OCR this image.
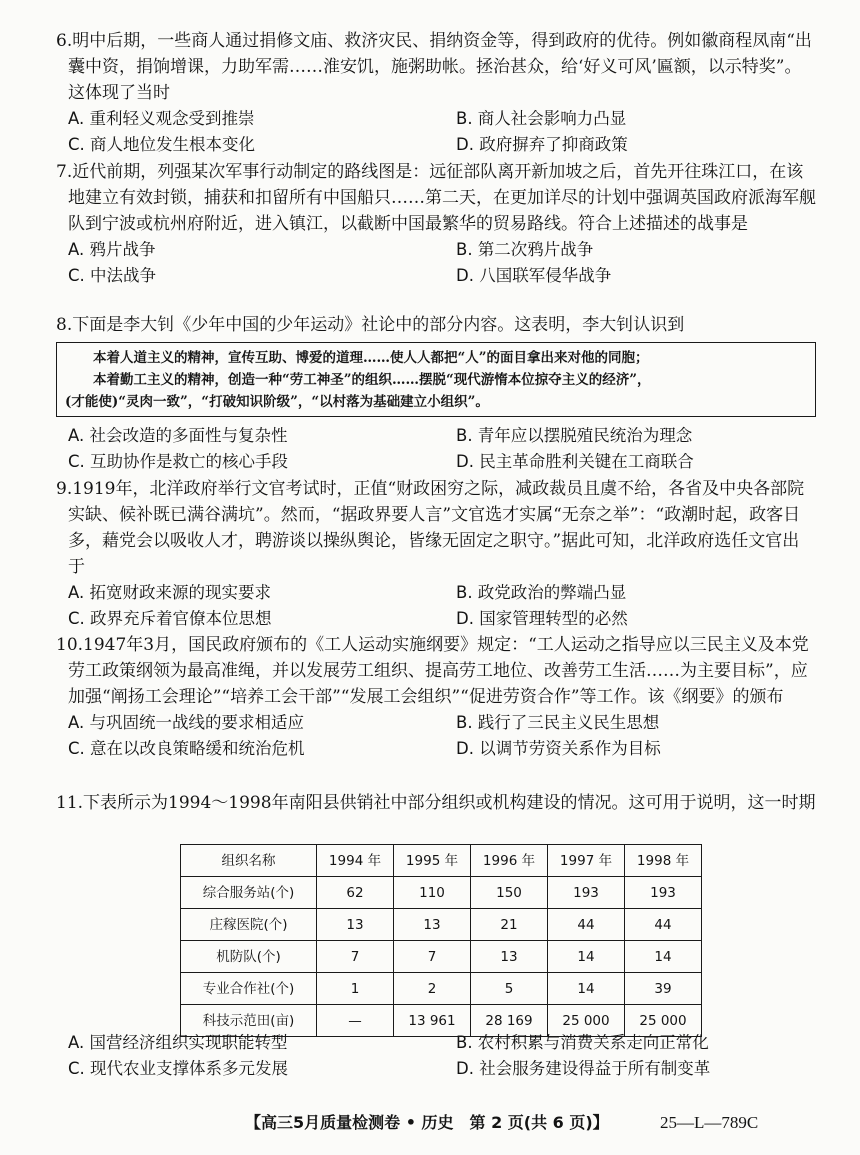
6.明中后期，一些商人通过捐修文庙、救济灾民、捐纳资金等，得到政府的优待。例如徽商程凤南“出囊中资，捐饷增课，力助军需……淮安饥，施粥助帐。拯治甚众，给‘好义可风’匾额，以示特奖”。这体现了当时
A. 重利轻义观念受到推崇	B. 商人社会影响力凸显
C. 商人地位发生根本变化	D. 政府摒弃了抑商政策
7.近代前期，列强某次军事行动制定的路线图是：远征部队离开新加坡之后，首先开往珠江口，在该地建立有效封锁，捕获和扣留所有中国船只……第二天，在更加详尽的计划中强调英国政府派海军舰队到宁波或杭州府附近，进入镇江，以截断中国最繁华的贸易路线。符合上述描述的战事是
A. 鸦片战争	B. 第二次鸦片战争
C. 中法战争	D. 八国联军侵华战争
8.下面是李大钊《少年中国的少年运动》社论中的部分内容。这表明，李大钊认识到

本着人道主义的精神，宣传互助、博爱的道理……使人人都把“人”的面目拿出来对他的同胞；

本着勤工主义的精神，创造一种“劳工神圣”的组织……摆脱“现代游惰本位掠夺主义的经济”，

(才能使)“灵肉一致”，“打破知识阶级”，“以村落为基础建立小组织”。

A. 社会改造的多面性与复杂性	B. 青年应以摆脱殖民统治为理念
C. 互助协作是救亡的核心手段	D. 民主革命胜利关键在工商联合
9.1919年，北洋政府举行文官考试时，正值“财政困穷之际，减政裁员且虞不给，各省及中央各部院实缺、候补既已满谷满坑”。然而，“据政界要人言”文官选才实属“无奈之举”：“政潮时起，政客日多，藉党会以吸收人才，聘游谈以操纵舆论，皆缘无固定之职守。”据此可知，北洋政府选任文官出于
A. 拓宽财政来源的现实要求	B. 政党政治的弊端凸显
C. 政界充斥着官僚本位思想	D. 国家管理转型的必然
10.1947年3月，国民政府颁布的《工人运动实施纲要》规定：“工人运动之指导应以三民主义及本党劳工政策纲领为最高准绳，并以发展劳工组织、提高劳工地位、改善劳工生活……为主要目标”，应加强“阐扬工会理论”“培养工会干部”“发展工会组织”“促进劳资合作”等工作。该《纲要》的颁布
A. 与巩固统一战线的要求相适应	B. 践行了三民主义民生思想
C. 意在以改良策略缓和统治危机	D. 以调节劳资关系作为目标
11.下表所示为1994～1998年南阳县供销社中部分组织或机构建设的情况。这可用于说明，这一时期
组织名称	1994 年	1995 年	1996 年	1997 年	1998 年
综合服务站(个)	62	110	150	193	193
庄稼医院(个)	13	13	21	44	44
机防队(个)	7	7	13	14	14
专业合作社(个)	1	2	5	14	39
科技示范田(亩)	—	13 961	28 169	25 000	25 000
A. 国营经济组织实现职能转型	B. 农村积累与消费关系走向正常化
C. 现代农业支撑体系多元发展	D. 社会服务建设得益于所有制变革
【高三5月质量检测卷 • 历史　第 2 页(共 6 页)】	25—L—789C
